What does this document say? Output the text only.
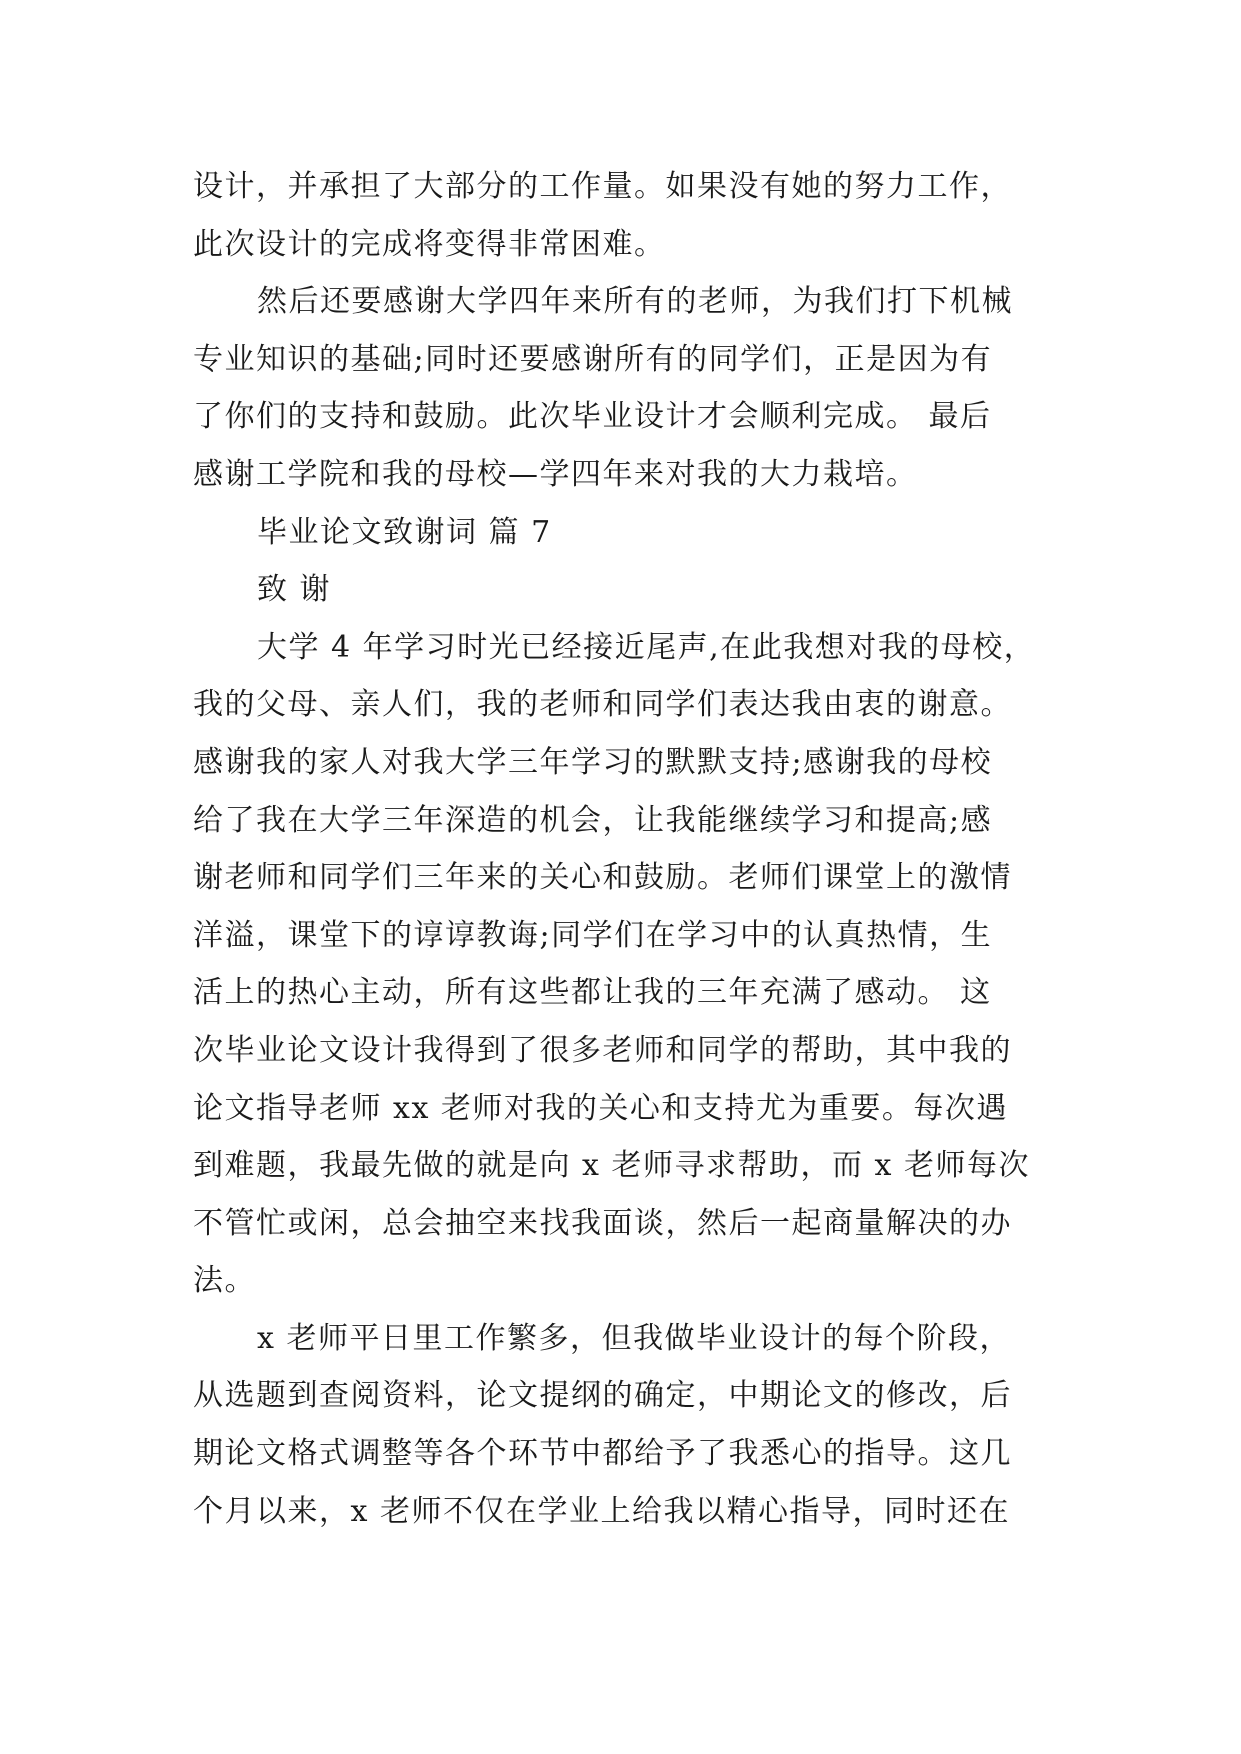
设计，并承担了大部分的工作量。如果没有她的努力工作，
此次设计的完成将变得非常困难。
然后还要感谢大学四年来所有的老师，为我们打下机械
专业知识的基础;同时还要感谢所有的同学们，正是因为有
了你们的支持和鼓励。此次毕业设计才会顺利完成。 最后
感谢工学院和我的母校—学四年来对我的大力栽培。
毕业论文致谢词 篇 7
致 谢
大学 4 年学习时光已经接近尾声,在此我想对我的母校，
我的父母、亲人们，我的老师和同学们表达我由衷的谢意。
感谢我的家人对我大学三年学习的默默支持;感谢我的母校
给了我在大学三年深造的机会，让我能继续学习和提高;感
谢老师和同学们三年来的关心和鼓励。老师们课堂上的激情
洋溢，课堂下的谆谆教诲;同学们在学习中的认真热情，生
活上的热心主动，所有这些都让我的三年充满了感动。 这
次毕业论文设计我得到了很多老师和同学的帮助，其中我的
论文指导老师 xx 老师对我的关心和支持尤为重要。每次遇
到难题，我最先做的就是向 x 老师寻求帮助，而 x 老师每次
不管忙或闲，总会抽空来找我面谈，然后一起商量解决的办
法。
x 老师平日里工作繁多，但我做毕业设计的每个阶段，
从选题到查阅资料，论文提纲的确定，中期论文的修改，后
期论文格式调整等各个环节中都给予了我悉心的指导。这几
个月以来，x 老师不仅在学业上给我以精心指导，同时还在
